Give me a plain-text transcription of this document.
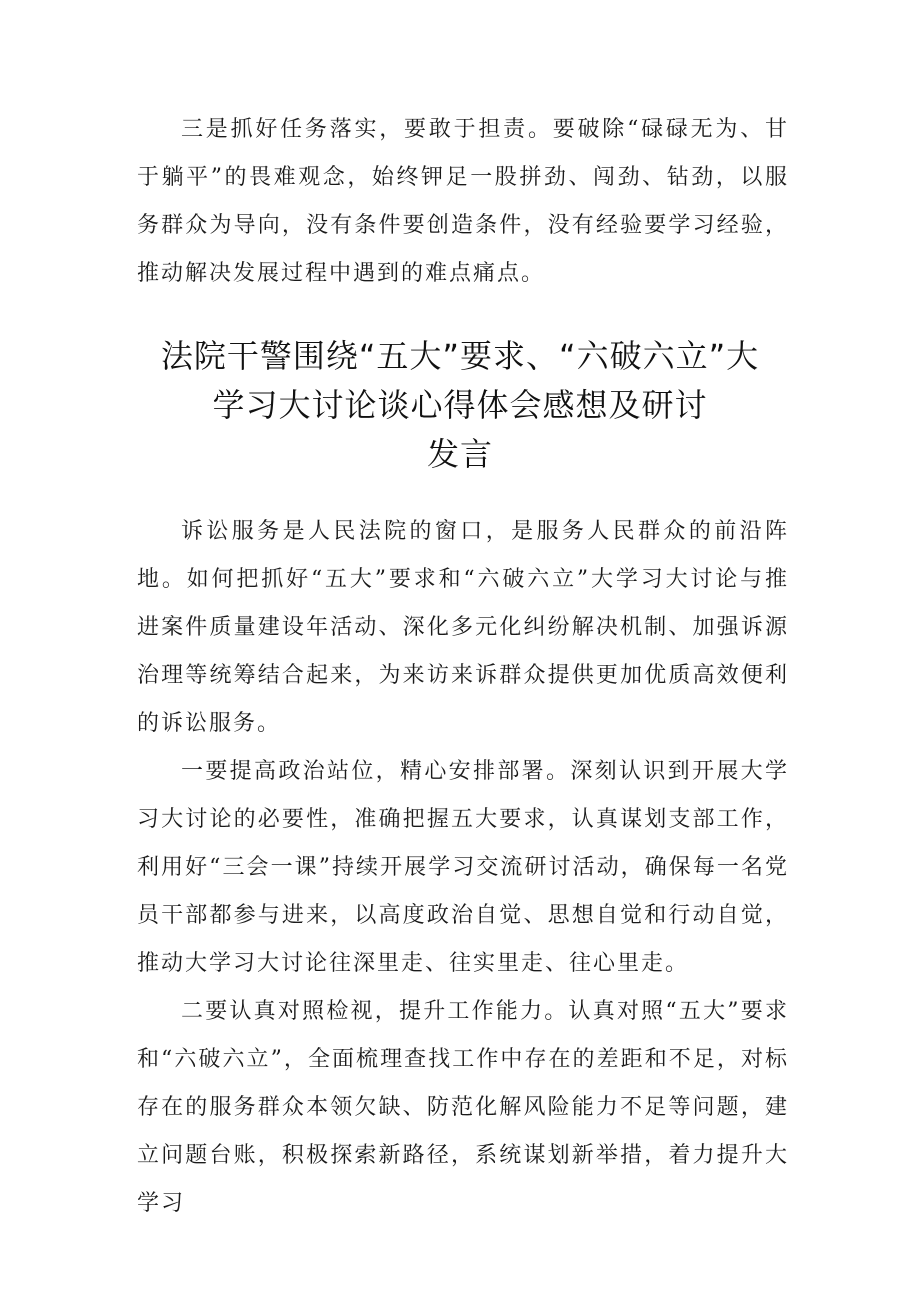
三是抓好任务落实，要敢于担责。要破除“碌碌无为、甘于躺平”的畏难观念，始终钾足一股拼劲、闯劲、钻劲，以服务群众为导向，没有条件要创造条件，没有经验要学习经验，推动解决发展过程中遇到的难点痛点。

法院干警围绕“五大”要求、“六破六立”大
学习大讨论谈心得体会感想及研讨
发言

诉讼服务是人民法院的窗口，是服务人民群众的前沿阵地。如何把抓好“五大”要求和“六破六立”大学习大讨论与推进案件质量建设年活动、深化多元化纠纷解决机制、加强诉源治理等统筹结合起来，为来访来诉群众提供更加优质高效便利的诉讼服务。

一要提高政治站位，精心安排部署。深刻认识到开展大学习大讨论的必要性，准确把握五大要求，认真谋划支部工作，利用好“三会一课”持续开展学习交流研讨活动，确保每一名党员干部都参与进来，以高度政治自觉、思想自觉和行动自觉，推动大学习大讨论往深里走、往实里走、往心里走。

二要认真对照检视，提升工作能力。认真对照“五大”要求和“六破六立”，全面梳理查找工作中存在的差距和不足，对标存在的服务群众本领欠缺、防范化解风险能力不足等问题，建立问题台账，积极探索新路径，系统谋划新举措，着力提升大学习
